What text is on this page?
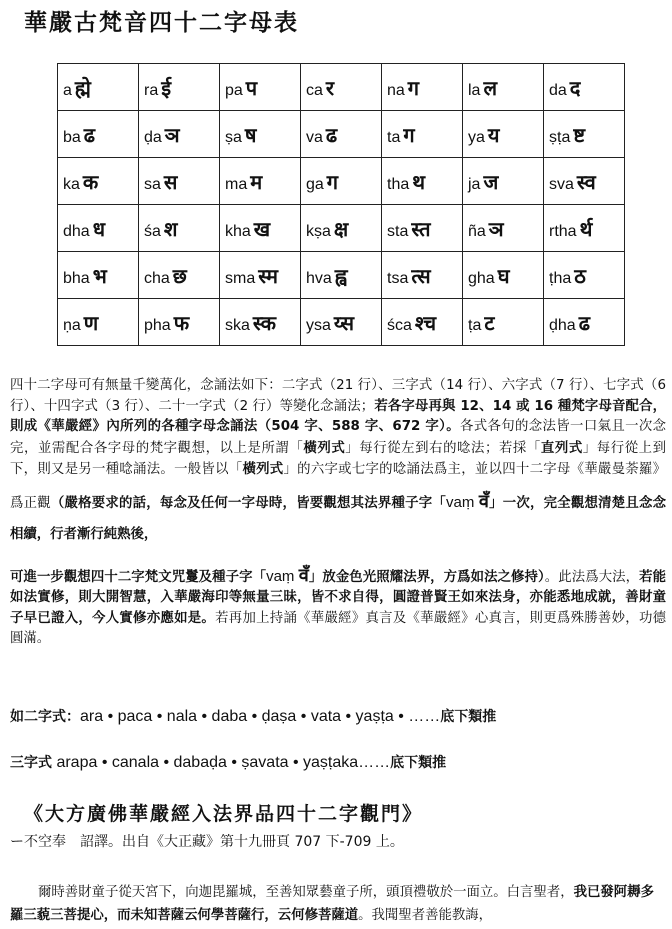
華嚴古梵音四十二字母表
a ह्मे	ra ई	pa प	ca र	na ग	la ल	da द
ba ढ	ḍa ञ	ṣa ष	va ढ	ta ग	ya य	ṣṭa ष्ट
ka क	sa स	ma म	ga ग	tha थ	ja ज	sva स्व
dha ध	śa श	kha ख	kṣa क्ष	sta स्त	ña ञ	rtha र्थ
bha भ	cha छ	sma स्म	hva ह्व	tsa त्स	gha घ	ṭha ठ
ṇa ण	pha फ	ska स्क	ysa य्स	śca श्च	ṭa ट	ḍha ढ
四十二字母可有無量千變萬化，念誦法如下：二字式（21 行）、三字式（14 行）、六字式（7 行）、七字式（6 行）、十四字式（3 行）、二十一字式（2 行）等變化念誦法；若各字母再與 12、14 或 16 種梵字母音配合，則成《華嚴經》內所列的各種字母念誦法（504 字、588 字、672 字）。各式各句的念法皆一口氣且一次念完，並需配合各字母的梵字觀想，以上是所謂「橫列式」每行從左到右的唸法；若採「直列式」每行從上到下，則又是另一種唸誦法。一般皆以「橫列式」的六字或七字的唸誦法爲主，並以四十二字母《華嚴曼荼羅》爲正觀（嚴格要求的話，每念及任何一字母時，皆要觀想其法界種子字「vaṃ वँ」一次，完全觀想清楚且念念相續，行者漸行純熟後，

可進一步觀想四十二字梵文咒鬘及種子字「vaṃ वँ」放金色光照耀法界，方爲如法之修持）。此法爲大法，若能如法實修，則大開智慧，入華嚴海印等無量三昧，皆不求自得，圓證普賢王如來法身，亦能悉地成就，善財童子早已證入，今人實修亦應如是。若再加上持誦《華嚴經》真言及《華嚴經》心真言，則更爲殊勝善妙，功德圓滿。
如二字式：ara • paca • nala • daba • ḍaṣa • vata • yaṣṭa • ……底下類推
三字式 arapa • canala • dabaḍa • ṣavata • yaṣṭaka……底下類推
《大方廣佛華嚴經入法界品四十二字觀門》
ー不空奉　詔譯。出自《大正藏》第十九冊頁 707 下-709 上。
爾時善財童子從天宮下，向迦毘羅城，至善知眾藝童子所，頭頂禮敬於一面立。白言聖者，我已發阿耨多羅三藐三菩提心，而未知菩薩云何學菩薩行，云何修菩薩道。我聞聖者善能教誨，
